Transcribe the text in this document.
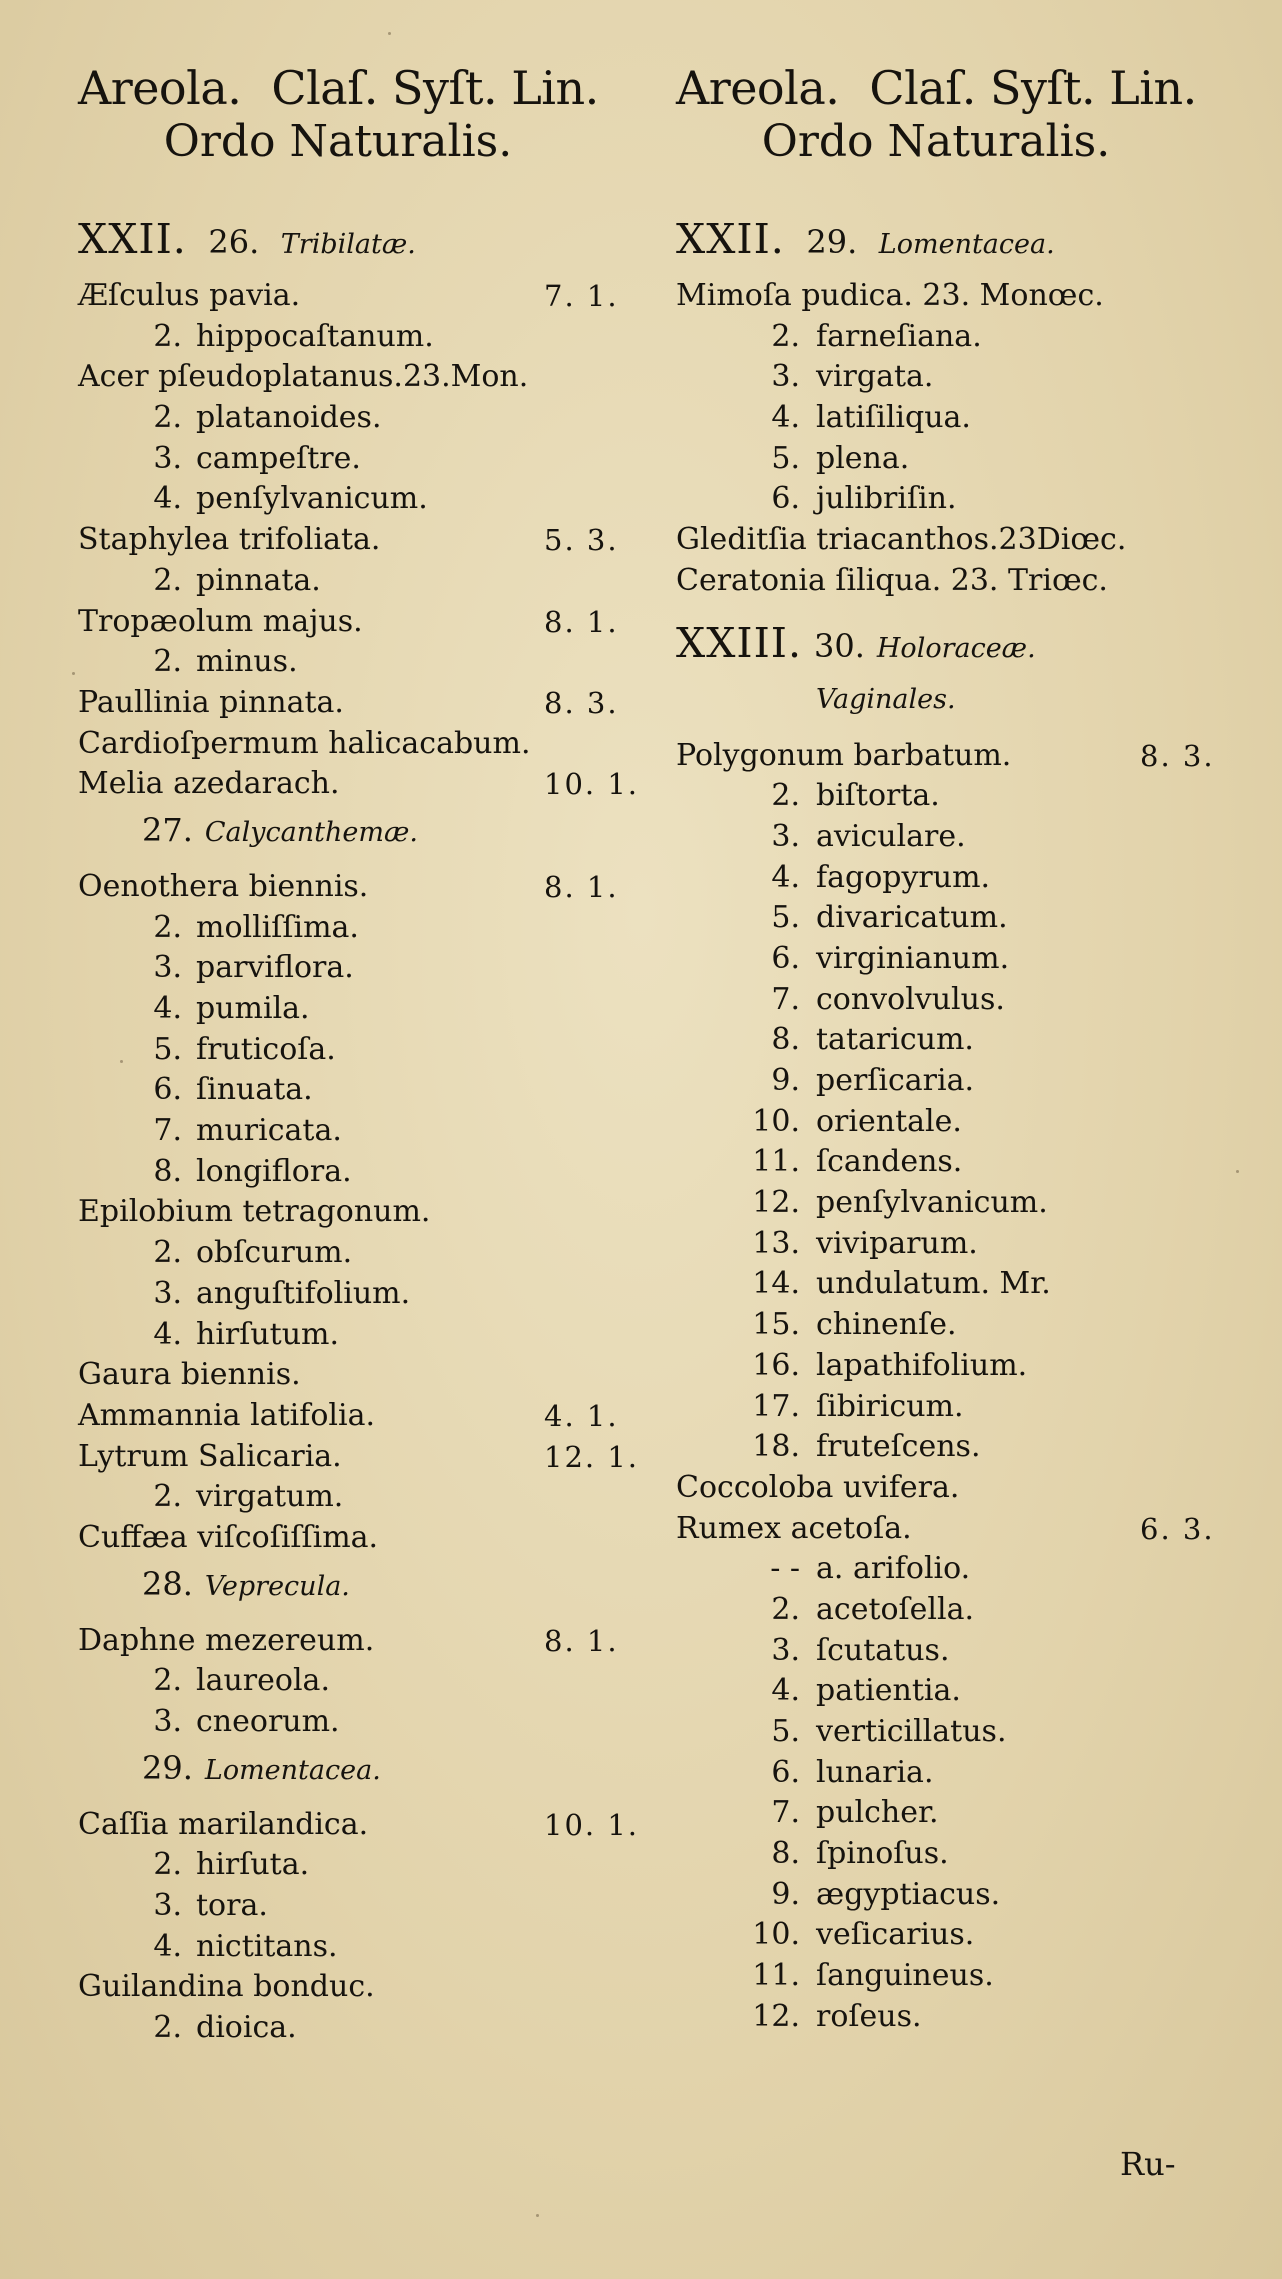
Areola. Claſ. Syſt. Lin.
Ordo Naturalis.
XXII. 26. Tribilatæ.
Æſculus pavia.	7. 1.
2. hippocaſtanum.
Acer pſeudoplatanus.23.Mon.
2. platanoides.
3. campeſtre.
4. penſylvanicum.
Staphylea trifoliata.	5. 3.
2. pinnata.
Tropæolum majus.	8. 1.
2. minus.
Paullinia pinnata.	8. 3.
Cardioſpermum halicacabum.
Melia azedarach.	10. 1.
27. Calycanthemæ.
Oenothera biennis.	8. 1.
2. molliſſima.
3. parviflora.
4. pumila.
5. fruticoſa.
6. ſinuata.
7. muricata.
8. longiflora.
Epilobium tetragonum.
2. obſcurum.
3. anguſtifolium.
4. hirſutum.
Gaura biennis.
Ammannia latifolia.	4. 1.
Lytrum Salicaria.	12. 1.
2. virgatum.
Cuffæa viſcoſiſſima.
28. Veprecula.
Daphne mezereum.	8. 1.
2. laureola.
3. cneorum.
29. Lomentacea.
Caſſia marilandica.	10. 1.
2. hirſuta.
3. tora.
4. nictitans.
Guilandina bonduc.
2. dioica.
Areola. Claſ. Syſt. Lin.
Ordo Naturalis.
XXII. 29. Lomentacea.
Mimoſa pudica. 23. Monœc.
2. farneſiana.
3. virgata.
4. latiſiliqua.
5. plena.
6. julibriſin.
Gleditſia triacanthos.23Diœc.
Ceratonia ſiliqua. 23. Triœc.
XXIII. 30. Holoraceæ.
Vaginales.
Polygonum barbatum.	8. 3.
2. biſtorta.
3. aviculare.
4. fagopyrum.
5. divaricatum.
6. virginianum.
7. convolvulus.
8. tataricum.
9. perſicaria.
10. orientale.
11. ſcandens.
12. penſylvanicum.
13. viviparum.
14. undulatum. Mr.
15. chinenſe.
16. lapathifolium.
17. ſibiricum.
18. fruteſcens.
Coccoloba uvifera.
Rumex acetoſa.	6. 3.
- - a. arifolio.
2. acetoſella.
3. ſcutatus.
4. patientia.
5. verticillatus.
6. lunaria.
7. pulcher.
8. ſpinoſus.
9. ægyptiacus.
10. veſicarius.
11. ſanguineus.
12. roſeus.
Ru-
